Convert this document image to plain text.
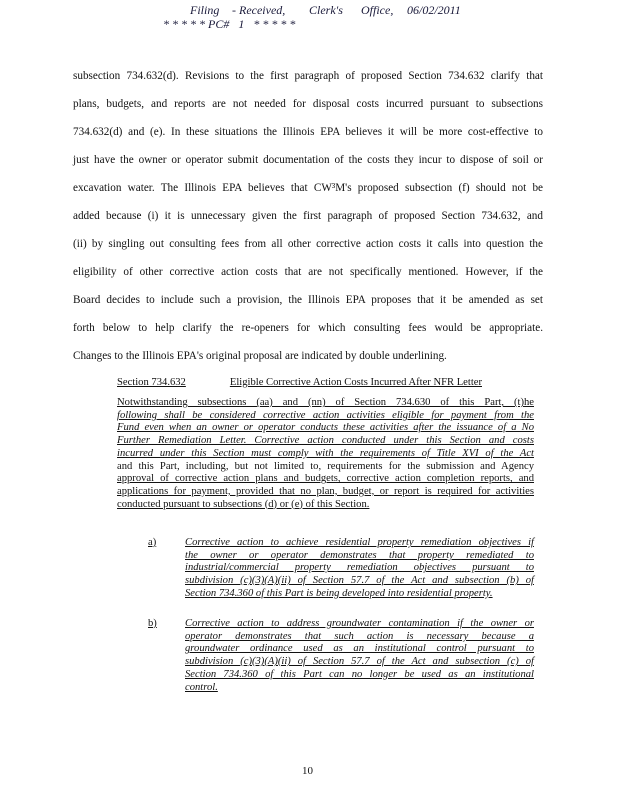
Filing - Received, Clerk's Office, 06/02/2011
* * * * * PC#   1   * * * * *
subsection 734.632(d). Revisions to the first paragraph of proposed Section 734.632 clarify that
plans, budgets, and reports are not needed for disposal costs incurred pursuant to subsections
734.632(d) and (e). In these situations the Illinois EPA believes it will be more cost-effective to
just have the owner or operator submit documentation of the costs they incur to dispose of soil or
excavation water. The Illinois EPA believes that CW³M's proposed subsection (f) should not be
added because (i) it is unnecessary given the first paragraph of proposed Section 734.632, and
(ii) by singling out consulting fees from all other corrective action costs it calls into question the
eligibility of other corrective action costs that are not specifically mentioned. However, if the
Board decides to include such a provision, the Illinois EPA proposes that it be amended as set
forth below to help clarify the re-openers for which consulting fees would be appropriate.
Changes to the Illinois EPA's original proposal are indicated by double underlining.
Section 734.632	Eligible Corrective Action Costs Incurred After NFR Letter
Notwithstanding subsections (aa) and (nn) of Section 734.630 of this Part, (t)he
following shall be considered corrective action activities eligible for payment from the
Fund even when an owner or operator conducts these activities after the issuance of a No
Further Remediation Letter. Corrective action conducted under this Section and costs
incurred under this Section must comply with the requirements of Title XVI of the Act
and this Part, including, but not limited to, requirements for the submission and Agency
approval of corrective action plans and budgets, corrective action completion reports, and
applications for payment, provided that no plan, budget, or report is required for activities
conducted pursuant to subsections (d) or (e) of this Section.
a)	Corrective action to achieve residential property remediation objectives if
the owner or operator demonstrates that property remediated to
industrial/commercial property remediation objectives pursuant to
subdivision (c)(3)(A)(ii) of Section 57.7 of the Act and subsection (b) of
Section 734.360 of this Part is being developed into residential property.
b)	Corrective action to address groundwater contamination if the owner or
operator demonstrates that such action is necessary because a
groundwater ordinance used as an institutional control pursuant to
subdivision (c)(3)(A)(ii) of Section 57.7 of the Act and subsection (c) of
Section 734.360 of this Part can no longer be used as an institutional
control.
10
